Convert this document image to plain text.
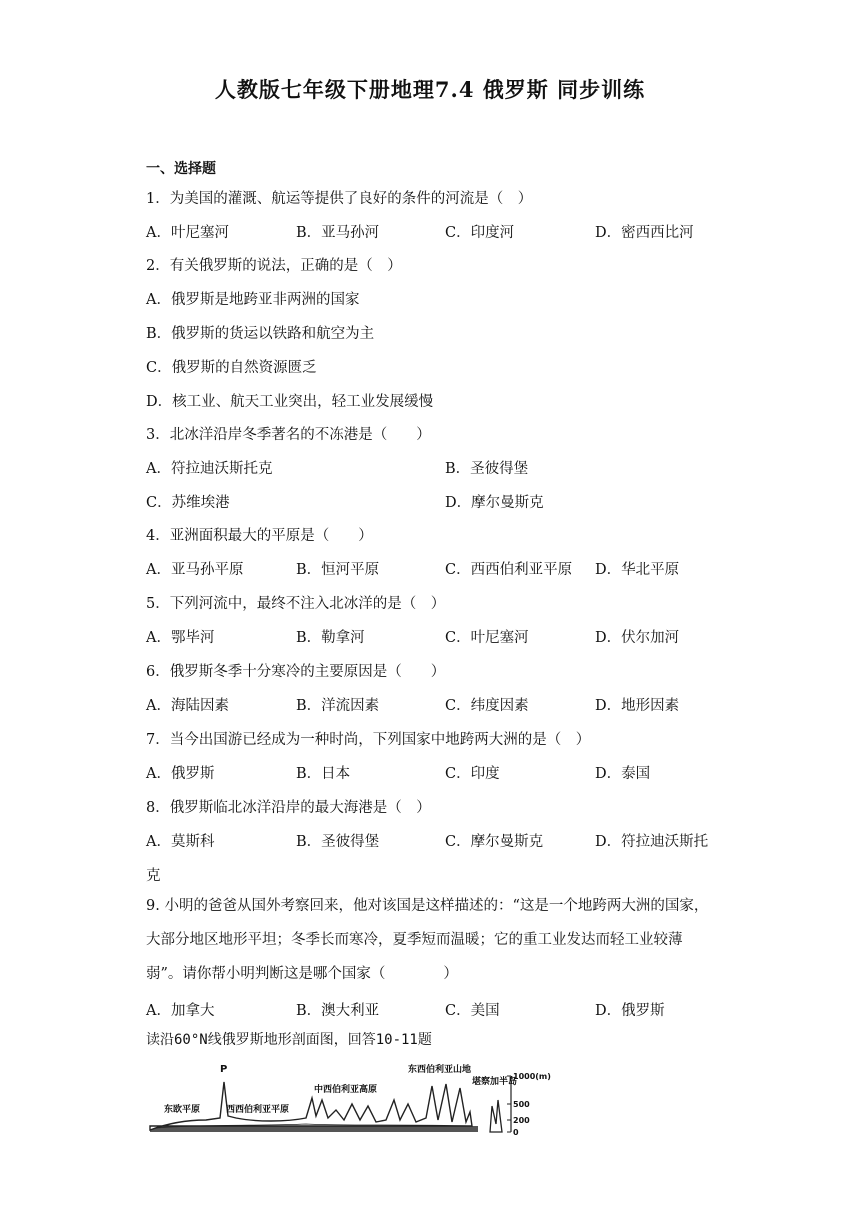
人教版七年级下册地理7.4 俄罗斯 同步训练
一、选择题
1．为美国的灌溉、航运等提供了良好的条件的河流是（　）
A．叶尼塞河	B．亚马孙河	C．印度河	D．密西西比河
2．有关俄罗斯的说法，正确的是（　）
A．俄罗斯是地跨亚非两洲的国家
B．俄罗斯的货运以铁路和航空为主
C．俄罗斯的自然资源匮乏
D．核工业、航天工业突出，轻工业发展缓慢
3．北冰洋沿岸冬季著名的不冻港是（　　）
A．符拉迪沃斯托克	B．圣彼得堡
C．苏维埃港	D．摩尔曼斯克
4．亚洲面积最大的平原是（　　）
A．亚马孙平原	B．恒河平原	C．西西伯利亚平原 D．华北平原
5．下列河流中，最终不注入北冰洋的是（　）
A．鄂毕河	B．勒拿河	C．叶尼塞河	D．伏尔加河
6．俄罗斯冬季十分寒冷的主要原因是（　　）
A．海陆因素	B．洋流因素	C．纬度因素	D．地形因素
7．当今出国游已经成为一种时尚，下列国家中地跨两大洲的是（　）
A．俄罗斯	B．日本	C．印度	D．泰国
8．俄罗斯临北冰洋沿岸的最大海港是（　）
A．莫斯科	B．圣彼得堡	C．摩尔曼斯克	D．符拉迪沃斯托
克
9. 小明的爸爸从国外考察回来，他对该国是这样描述的：“这是一个地跨两大洲的国家，大部分地区地形平坦；冬季长而寒冷，夏季短而温暖；它的重工业发达而轻工业较薄弱”。请你帮小明判断这是哪个国家（　　　　）
A．加拿大	B．澳大利亚	C．美国	D．俄罗斯
读沿60°N线俄罗斯地形剖面图，回答10-11题
1000(m)
500
200
0
P
东欧平原	西西伯利亚平原
中西伯利亚高原
东西伯利亚山地
堪察加半岛
